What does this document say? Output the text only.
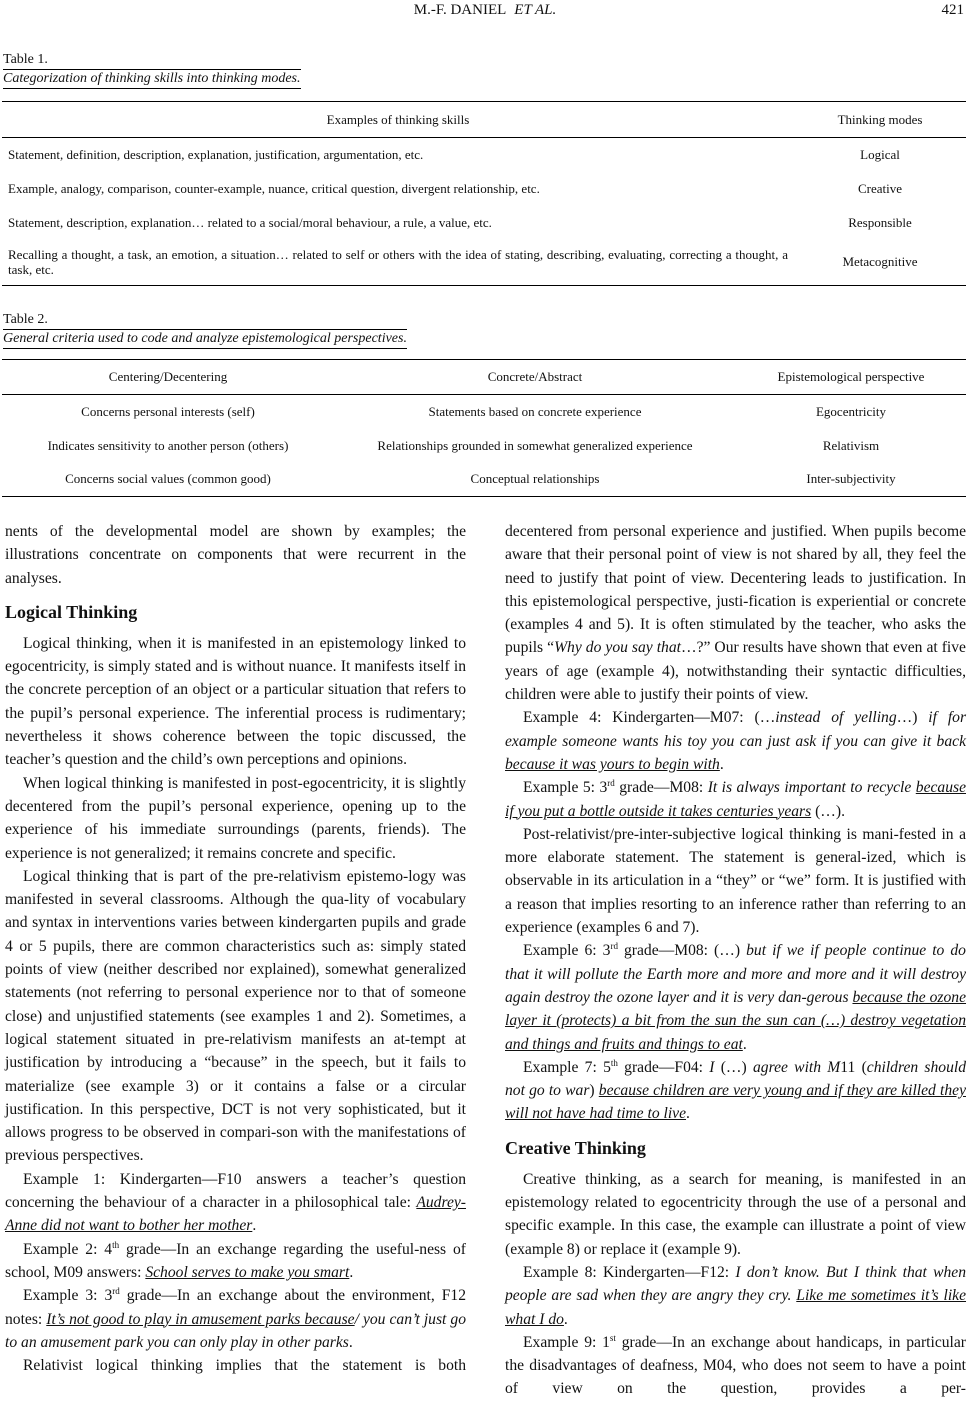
M.-F. DANIEL ET AL.	421
Table 1.
Categorization of thinking skills into thinking modes.
Examples of thinking skills	Thinking modes
Statement, definition, description, explanation, justification, argumentation, etc.	Logical
Example, analogy, comparison, counter-example, nuance, critical question, divergent relationship, etc.	Creative
Statement, description, explanation… related to a social/moral behaviour, a rule, a value, etc.	Responsible
Recalling a thought, a task, an emotion, a situation… related to self or others with the idea of stating, describing, evaluating, correcting a thought, a task, etc.	Metacognitive
Table 2.
General criteria used to code and analyze epistemological perspectives.
Centering/Decentering	Concrete/Abstract	Epistemological perspective
Concerns personal interests (self)	Statements based on concrete experience	Egocentricity
Indicates sensitivity to another person (others)	Relationships grounded in somewhat generalized experience	Relativism
Concerns social values (common good)	Conceptual relationships	Inter-subjectivity

nents of the developmental model are shown by examples; the illustrations concentrate on components that were recurrent in the analyses.

Logical Thinking

Logical thinking, when it is manifested in an epistemology linked to egocentricity, is simply stated and is without nuance. It manifests itself in the concrete perception of an object or a particular situation that refers to the pupil’s personal experience. The inferential process is rudimentary; nevertheless it shows coherence between the topic discussed, the teacher’s question and the child’s own perceptions and opinions.

When logical thinking is manifested in post-egocentricity, it is slightly decentered from the pupil’s personal experience, opening up to the experience of his immediate surroundings (parents, friends). The experience is not generalized; it remains concrete and specific.

Logical thinking that is part of the pre-relativism epistemo-logy was manifested in several classrooms. Although the qua-lity of vocabulary and syntax in interventions varies between kindergarten pupils and grade 4 or 5 pupils, there are common characteristics such as: simply stated points of view (neither described nor explained), somewhat generalized statements (not referring to personal experience nor to that of someone close) and unjustified statements (see examples 1 and 2). Sometimes, a logical statement situated in pre-relativism manifests an at-tempt at justification by introducing a “because” in the speech, but it fails to materialize (see example 3) or it contains a false or a circular justification. In this perspective, DCT is not very sophisticated, but it allows progress to be observed in compari-son with the manifestations of previous perspectives.

Example 1: Kindergarten—F10 answers a teacher’s question concerning the behaviour of a character in a philosophical tale: Audrey-Anne did not want to bother her mother.

Example 2: 4th grade—In an exchange regarding the useful-ness of school, M09 answers: School serves to make you smart.

Example 3: 3rd grade—In an exchange about the environment, F12 notes: It’s not good to play in amusement parks because/ you can’t just go to an amusement park you can only play in other parks.

Relativist logical thinking implies that the statement is both

decentered from personal experience and justified. When pupils become aware that their personal point of view is not shared by all, they feel the need to justify that point of view. Decentering leads to justification. In this epistemological perspective, justi-fication is experiential or concrete (examples 4 and 5). It is often stimulated by the teacher, who asks the pupils “Why do you say that…?” Our results have shown that even at five years of age (example 4), notwithstanding their syntactic difficulties, children were able to justify their points of view.

Example 4: Kindergarten—M07: (…instead of yelling…) if for example someone wants his toy you can just ask if you can give it back because it was yours to begin with.

Example 5: 3rd grade—M08: It is always important to recycle because if you put a bottle outside it takes centuries years (…).

Post-relativist/pre-inter-subjective logical thinking is mani-fested in a more elaborate statement. The statement is general-ized, which is observable in its articulation in a “they” or “we” form. It is justified with a reason that implies resorting to an inference rather than referring to an experience (examples 6 and 7).

Example 6: 3rd grade—M08: (…) but if we if people continue to do that it will pollute the Earth more and more and more and it will destroy again destroy the ozone layer and it is very dan-gerous because the ozone layer it (protects) a bit from the sun the sun can (…) destroy vegetation and things and fruits and things to eat.

Example 7: 5th grade—F04: I (…) agree with M11 (children should not go to war) because children are very young and if they are killed they will not have had time to live.

Creative Thinking

Creative thinking, as a search for meaning, is manifested in an epistemology related to egocentricity through the use of a personal and specific example. In this case, the example can illustrate a point of view (example 8) or replace it (example 9).

Example 8: Kindergarten—F12: I don’t know. But I think that when people are sad when they are angry they cry. Like me sometimes it’s like what I do.

Example 9: 1st grade—In an exchange about handicaps, in particular the disadvantages of deafness, M04, who does not seem to have a point of view on the question, provides a per-
